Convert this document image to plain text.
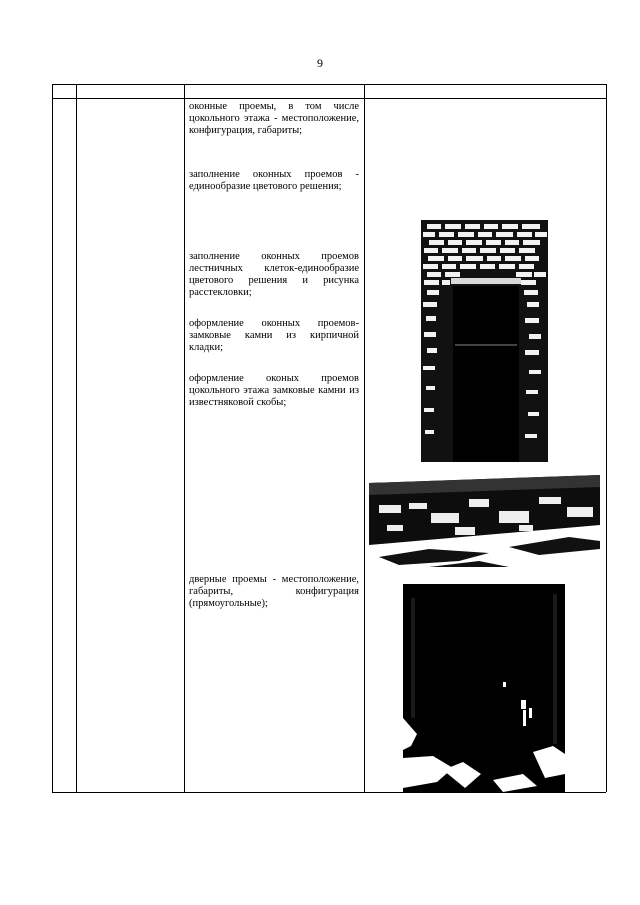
9
оконные проемы, в том числе цокольного этажа - местоположение, конфигурация, габариты;
заполнение оконных проемов - единообразие цветового решения;
заполнение оконных проемов лестничных клеток-единообразие цветового решения и рисунка расстекловки;
оформление оконных проемов-замковые камни из кирпичной кладки;
оформление оконых проемов цокольного этажа замковые камни из известняковой скобы;
дверные проемы - местоположение, габариты, конфигурация (прямоугольные);
